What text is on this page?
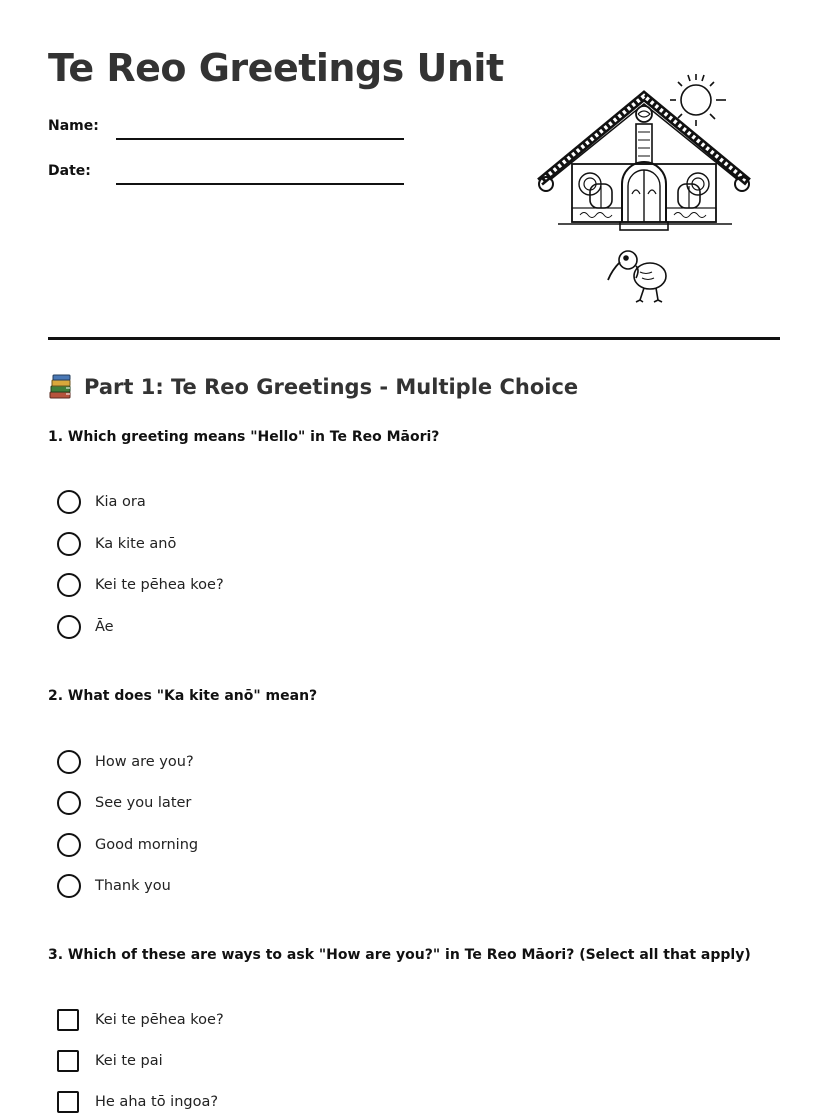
Te Reo Greetings Unit
Name:
Date:
Part 1: Te Reo Greetings - Multiple Choice
1. Which greeting means "Hello" in Te Reo Māori?
Kia ora
Ka kite anō
Kei te pēhea koe?
Āe
2. What does "Ka kite anō" mean?
How are you?
See you later
Good morning
Thank you
3. Which of these are ways to ask "How are you?" in Te Reo Māori? (Select all that apply)
Kei te pēhea koe?
Kei te pai
He aha tō ingoa?
